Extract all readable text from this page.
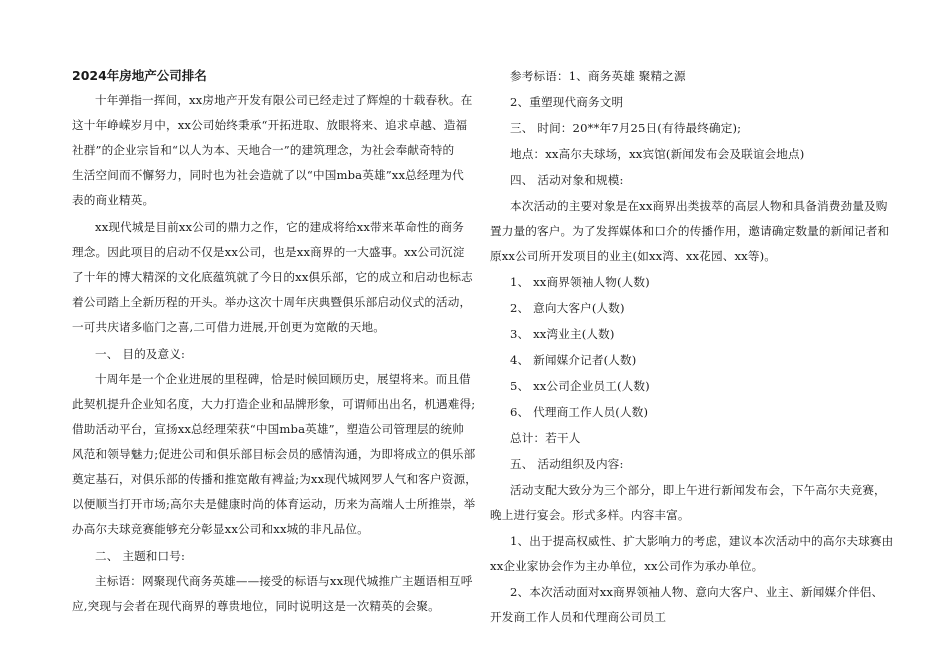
2024年房地产公司排名
十年弹指一挥间，xx房地产开发有限公司已经走过了辉煌的十载春秋。在
这十年峥嵘岁月中，xx公司始终秉承“开拓进取、放眼将来、追求卓越、造福
社群”的企业宗旨和“以人为本、天地合一”的建筑理念，为社会奉献奇特的
生活空间而不懈努力，同时也为社会造就了以“中国mba英雄”xx总经理为代
表的商业精英。
xx现代城是目前xx公司的鼎力之作，它的建成将给xx带来革命性的商务
理念。因此项目的启动不仅是xx公司，也是xx商界的一大盛事。xx公司沉淀
了十年的博大精深的文化底蕴筑就了今日的xx俱乐部，它的成立和启动也标志
着公司踏上全新历程的开头。举办这次十周年庆典暨俱乐部启动仪式的活动，
一可共庆诸多临门之喜,二可借力进展,开创更为宽敞的天地。
一、 目的及意义:
十周年是一个企业进展的里程碑，恰是时候回顾历史，展望将来。而且借
此契机提升企业知名度，大力打造企业和品牌形象，可谓师出出名，机遇难得;
借助活动平台，宣扬xx总经理荣获“中国mba英雄”，塑造公司管理层的统帅
风范和领导魅力;促进公司和俱乐部目标会员的感情沟通，为即将成立的俱乐部
奠定基石，对俱乐部的传播和推宽敞有裨益;为xx现代城网罗人气和客户资源，
以便顺当打开市场;高尔夫是健康时尚的体育运动，历来为高端人士所推崇，举
办高尔夫球竞赛能够充分彰显xx公司和xx城的非凡品位。
二、 主题和口号:
主标语：网聚现代商务英雄——接受的标语与xx现代城推广主题语相互呼
应,突现与会者在现代商界的尊贵地位，同时说明这是一次精英的会聚。
参考标语：1、商务英雄 聚精之源
2、重塑现代商务文明
三、 时间：20**年7月25日(有待最终确定);
地点：xx高尔夫球场，xx宾馆(新闻发布会及联谊会地点)
四、 活动对象和规模:
本次活动的主要对象是在xx商界出类拔萃的高层人物和具备消费劲量及购
置力量的客户。为了发挥媒体和口介的传播作用，邀请确定数量的新闻记者和
原xx公司所开发项目的业主(如xx湾、xx花园、xx等)。
1、 xx商界领袖人物(人数)
2、 意向大客户(人数)
3、 xx湾业主(人数)
4、 新闻媒介记者(人数)
5、 xx公司企业员工(人数)
6、 代理商工作人员(人数)
总计：若干人
五、 活动组织及内容:
活动支配大致分为三个部分，即上午进行新闻发布会，下午高尔夫竞赛，
晚上进行宴会。形式多样。内容丰富。
1、出于提高权威性、扩大影响力的考虑，建议本次活动中的高尔夫球赛由
xx企业家协会作为主办单位，xx公司作为承办单位。
2、本次活动面对xx商界领袖人物、意向大客户、业主、新闻媒介伴侣、
开发商工作人员和代理商公司员工
